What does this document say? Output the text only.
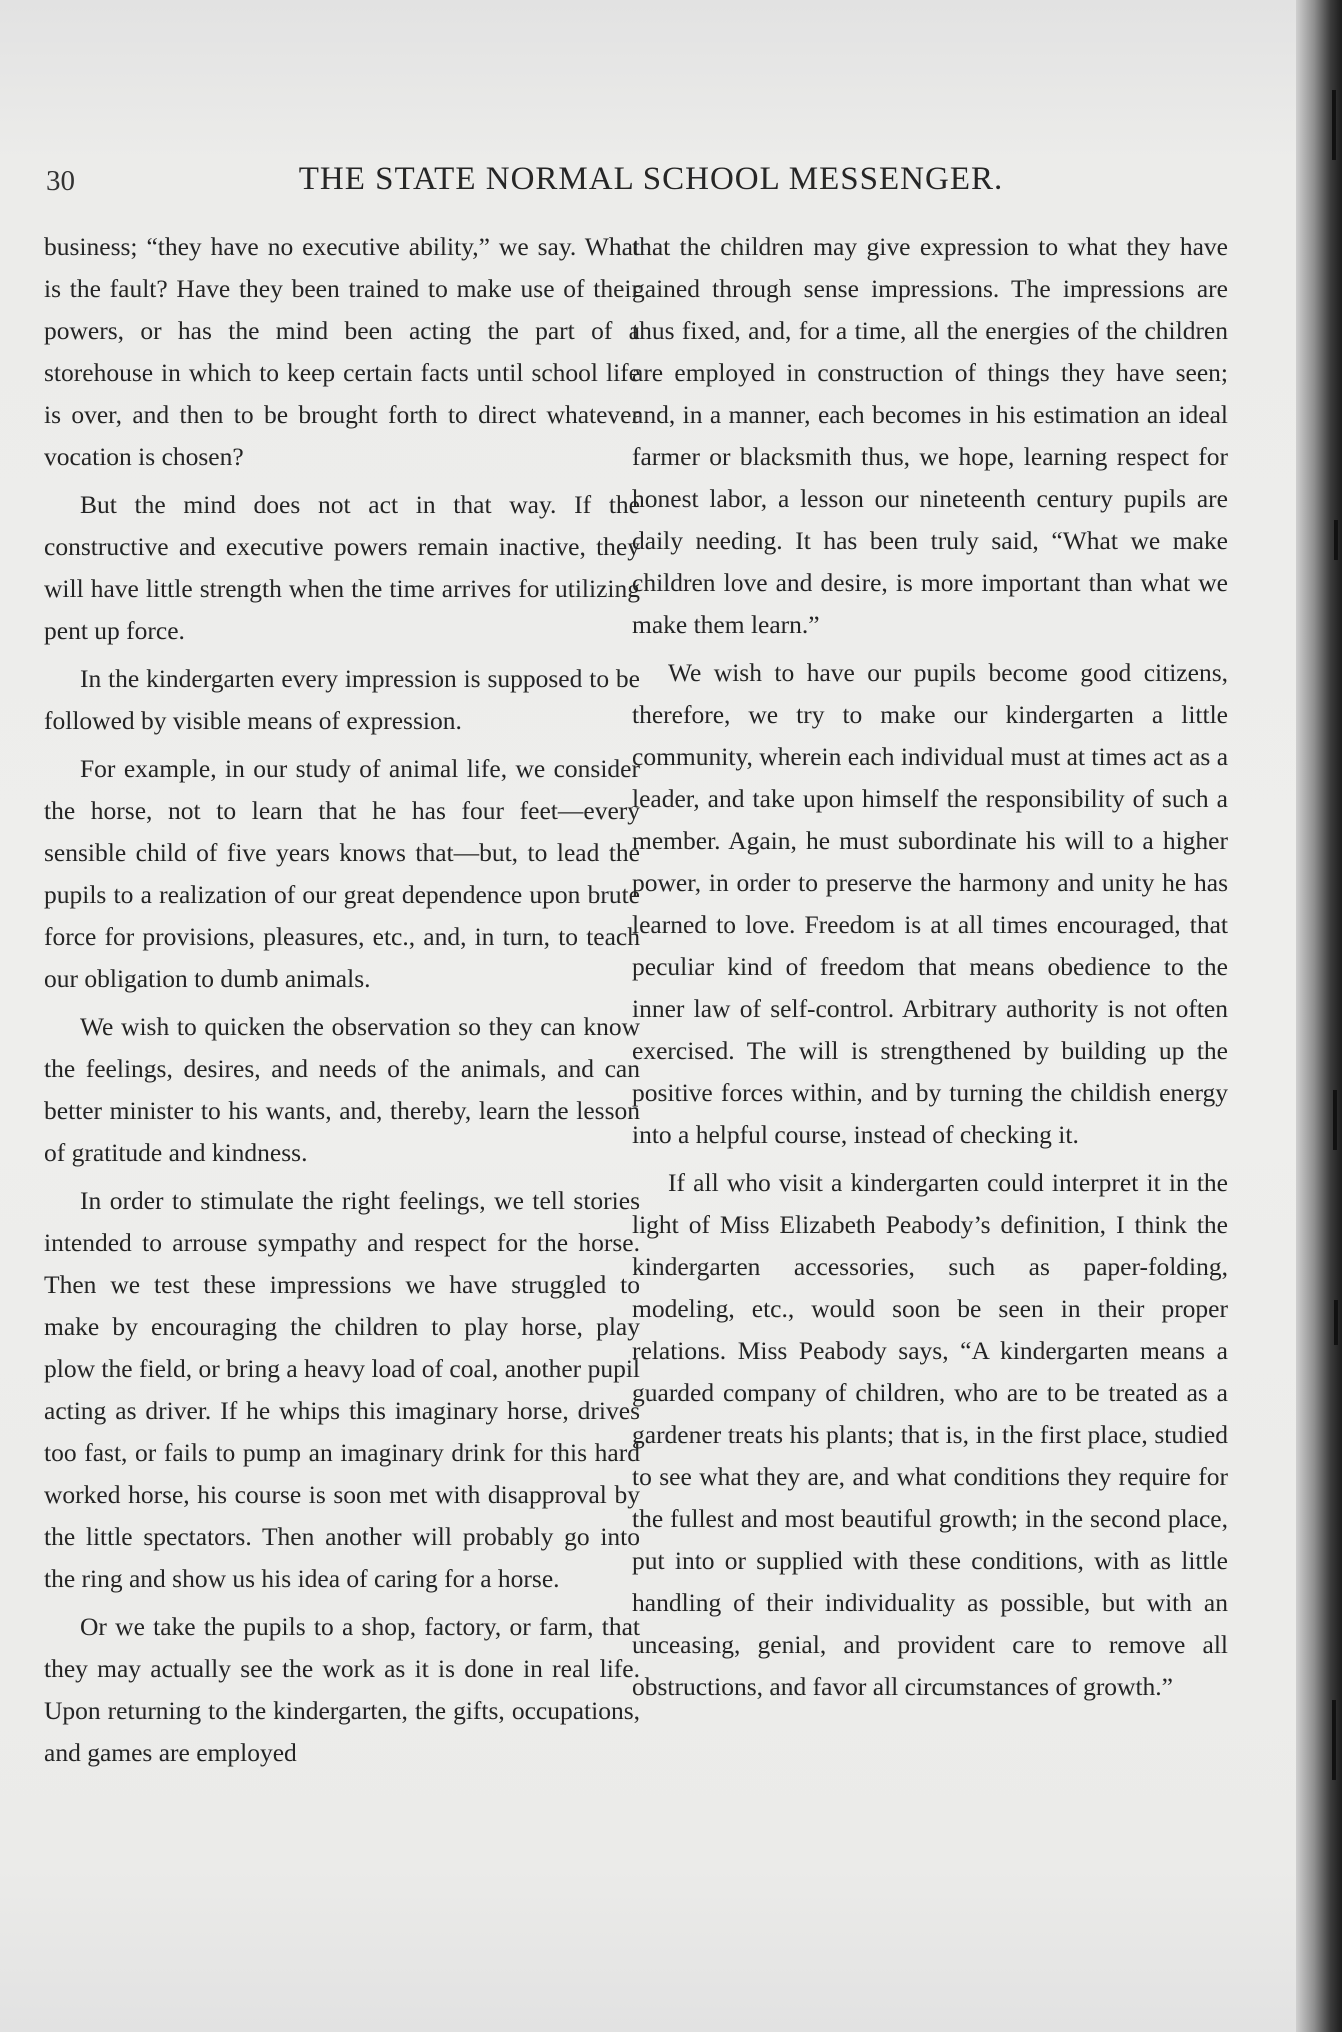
30	THE STATE NORMAL SCHOOL MESSENGER.

business; “they have no executive ability,” we say. What is the fault? Have they been trained to make use of their powers, or has the mind been acting the part of a storehouse in which to keep certain facts until school life is over, and then to be brought forth to direct whatever vocation is chosen?

But the mind does not act in that way. If the constructive and executive powers remain inactive, they will have little strength when the time arrives for utilizing pent up force.

In the kindergarten every impression is supposed to be followed by visible means of expression.

For example, in our study of animal life, we consider the horse, not to learn that he has four feet—every sensible child of five years knows that—but, to lead the pupils to a realization of our great dependence upon brute force for provisions, pleasures, etc., and, in turn, to teach our obligation to dumb animals.

We wish to quicken the observation so they can know the feelings, desires, and needs of the animals, and can better minister to his wants, and, thereby, learn the lesson of gratitude and kindness.

In order to stimulate the right feelings, we tell stories intended to arrouse sympathy and respect for the horse. Then we test these impressions we have struggled to make by encouraging the children to play horse, play plow the field, or bring a heavy load of coal, another pupil acting as driver. If he whips this imaginary horse, drives too fast, or fails to pump an imaginary drink for this hard worked horse, his course is soon met with disapproval by the little spectators. Then another will probably go into the ring and show us his idea of caring for a horse.

Or we take the pupils to a shop, factory, or farm, that they may actually see the work as it is done in real life. Upon returning to the kindergarten, the gifts, occupations, and games are employed

that the children may give expression to what they have gained through sense impressions. The impressions are thus fixed, and, for a time, all the energies of the children are employed in construction of things they have seen; and, in a manner, each becomes in his estimation an ideal farmer or blacksmith thus, we hope, learning respect for honest labor, a lesson our nineteenth century pupils are daily needing. It has been truly said, “What we make children love and desire, is more important than what we make them learn.”

We wish to have our pupils become good citizens, therefore, we try to make our kindergarten a little community, wherein each individual must at times act as a leader, and take upon himself the responsibility of such a member. Again, he must subordinate his will to a higher power, in order to preserve the harmony and unity he has learned to love. Freedom is at all times encouraged, that peculiar kind of freedom that means obedience to the inner law of self-control. Arbitrary authority is not often exercised. The will is strengthened by building up the positive forces within, and by turning the childish energy into a helpful course, instead of checking it.

If all who visit a kindergarten could interpret it in the light of Miss Elizabeth Peabody’s definition, I think the kindergarten accessories, such as paper-folding, modeling, etc., would soon be seen in their proper relations. Miss Peabody says, “A kindergarten means a guarded company of children, who are to be treated as a gardener treats his plants; that is, in the first place, studied to see what they are, and what conditions they require for the fullest and most beautiful growth; in the second place, put into or supplied with these conditions, with as little handling of their individuality as possible, but with an unceasing, genial, and provident care to remove all obstructions, and favor all circumstances of growth.”
